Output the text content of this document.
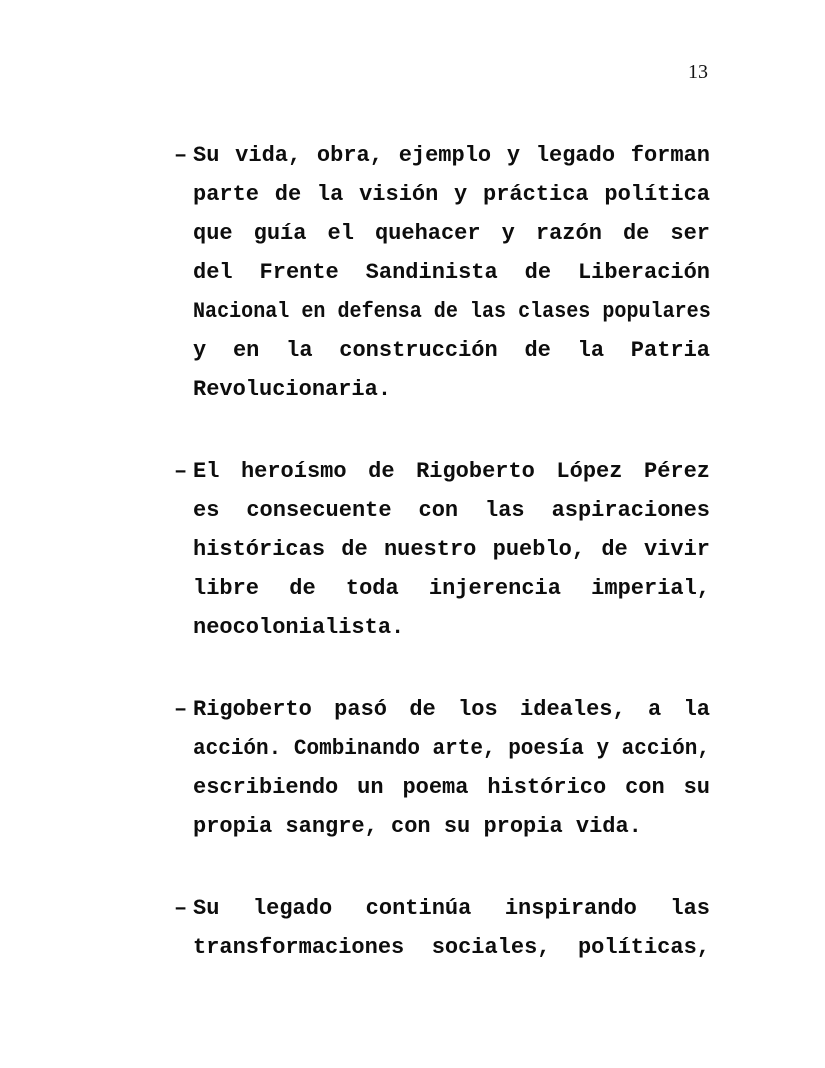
13
– Su vida, obra, ejemplo y legado forman
parte de la visión y práctica política
que guía el quehacer y razón de ser
del Frente Sandinista de Liberación
Nacional en defensa de las clases populares
y en la construcción de la Patria
Revolucionaria.
– El heroísmo de Rigoberto López Pérez
es consecuente con las aspiraciones
históricas de nuestro pueblo, de vivir
libre de toda injerencia imperial,
neocolonialista.
– Rigoberto pasó de los ideales, a la
acción. Combinando arte, poesía y acción,
escribiendo un poema histórico con su
propia sangre, con su propia vida.
– Su legado continúa inspirando las
transformaciones sociales, políticas,
